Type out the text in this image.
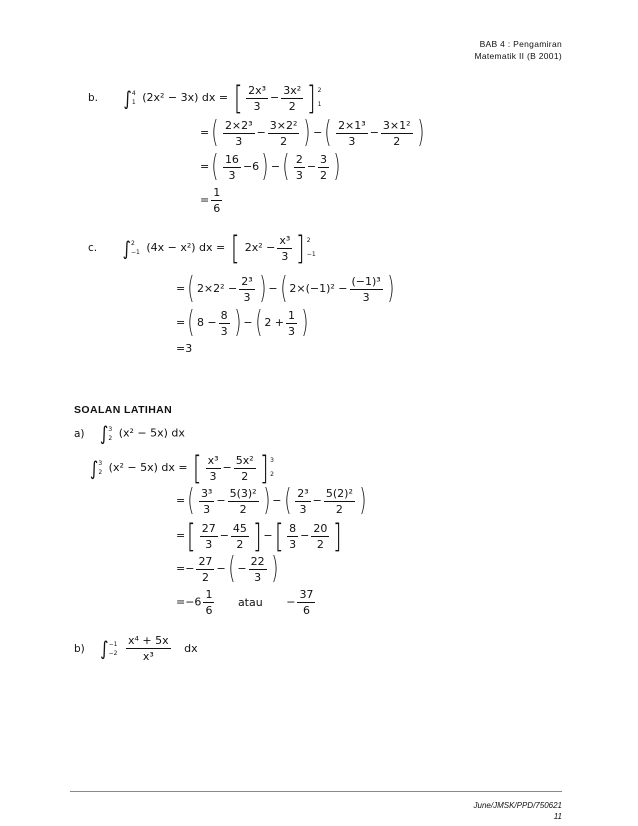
BAB 4 : Pengamiran
Matematik II (B 2001)
b. ∫ 4
1 (2x² − 3x) dx = [ $\frac{\text{2x³}}{3} - \frac{\text{3x²}}{2}$ ] 2
1
=( $\frac{\text{2×2³}}{3} - \frac{\text{3×2²}}{2}$ ) −( $\frac{\text{2×1³}}{3} - \frac{\text{3×1²}}{2}$ )
=( $\frac{16}{3} -6$) −( $\frac{2}{3} - \frac{3}{2}$ )
= $\frac{1}{6}$
c. ∫ 2
−1 (4x − x²) dx = [ $2x^2 - \frac{\text{x³}}{3}$ ] 2
−1
=( $2\times 2^2 - \frac{\text{2³}}{3}$ ) −( $2\times(-1)^2 - \frac{\text{(−1)³}}{3}$ )
=( $8 - \frac{8}{3}$ ) −( $2 + \frac{1}{3}$ )
=3
SOALAN LATIHAN
a) ∫ 3
2 (x² − 5x) dx
∫ 3
2 (x² − 5x) dx = [ $\frac{\text{x³}}{3} - \frac{\text{5x²}}{2}$ ] 3
2
=( $\frac{\text{3³}}{3} - \frac{\text{5(3)²}}{2}$ ) −( $\frac{\text{2³}}{3} - \frac{\text{5(2)²}}{2}$ )
=[ $\frac{27}{3} - \frac{45}{2}$ ] −[ $\frac{8}{3} - \frac{20}{2}$ ]
=− $\frac{27}{2}$ −( − $\frac{22}{3}$ )
$=-6 \frac{1}{6}$ atau − $\frac{37}{6}$
b) ∫ −1
−2
$\frac{\text{x⁴ + 5x}}{\text{x³}}$ dx
June/JMSK/PPD/750621
11
